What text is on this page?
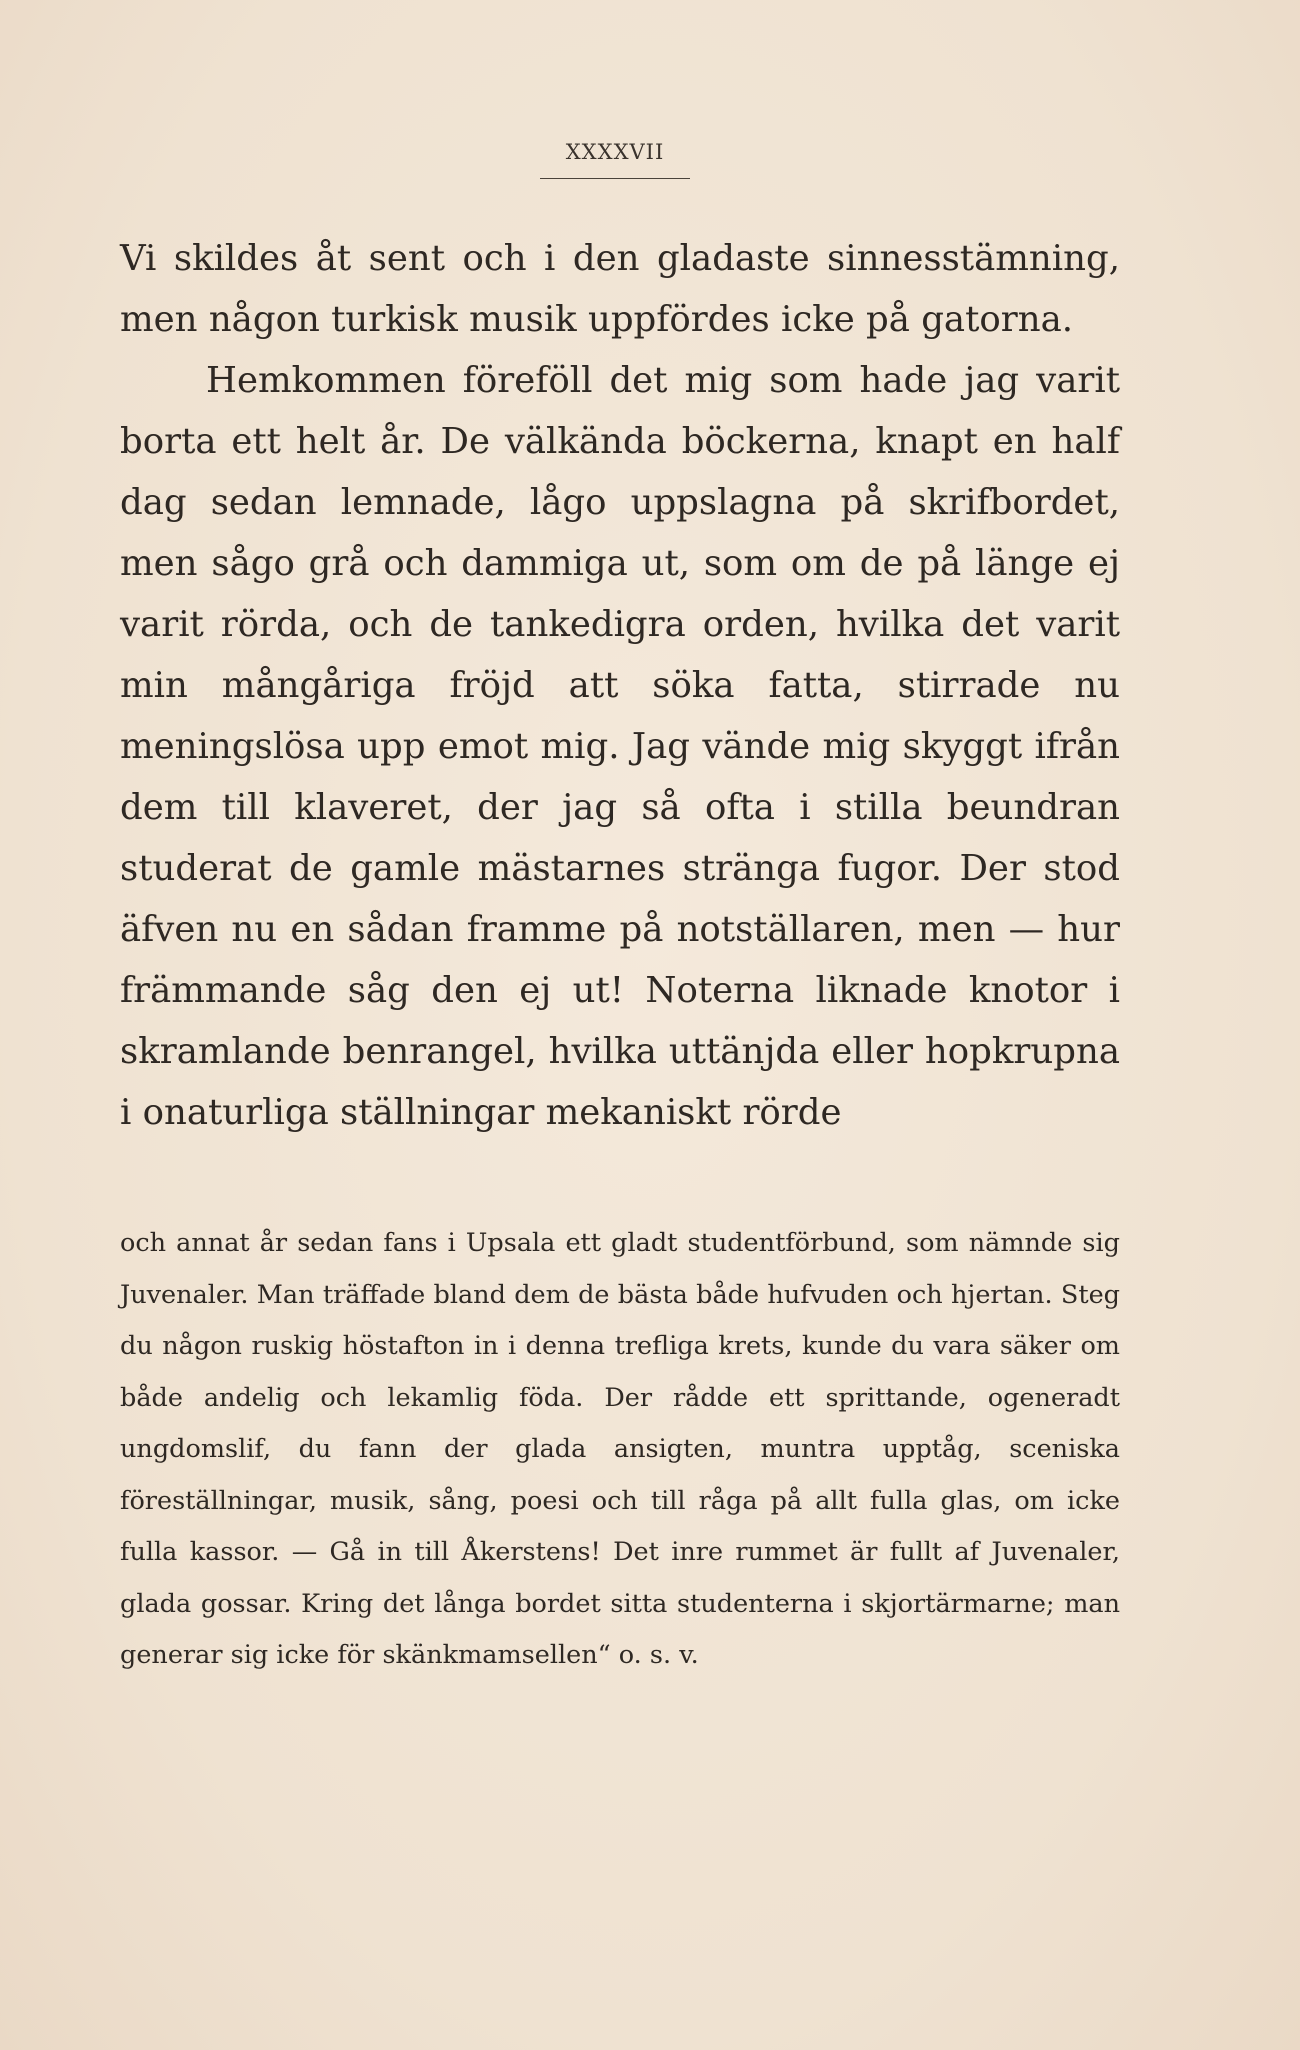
XXXXVII

Vi skildes åt sent och i den gladaste sinnesstämning, men någon turkisk musik uppfördes icke på gatorna.

Hemkommen föreföll det mig som hade jag varit borta ett helt år. De välkända böckerna, knapt en half dag sedan lemnade, lågo uppslagna på skrifbordet, men sågo grå och dammiga ut, som om de på länge ej varit rörda, och de tankedigra orden, hvilka det varit min mångåriga fröjd att söka fatta, stirrade nu meningslösa upp emot mig. Jag vände mig skyggt ifrån dem till klaveret, der jag så ofta i stilla beundran studerat de gamle mästarnes stränga fugor. Der stod äfven nu en sådan framme på notställaren, men — hur främmande såg den ej ut! Noterna liknade knotor i skramlande benrangel, hvilka uttänjda eller hopkrupna i onaturliga ställningar mekaniskt rörde

och annat år sedan fans i Upsala ett gladt studentförbund, som nämnde sig Juvenaler. Man träffade bland dem de bästa både hufvuden och hjertan. Steg du någon ruskig höstafton in i denna trefliga krets, kunde du vara säker om både andelig och lekamlig föda. Der rådde ett sprittande, ogeneradt ungdomslif, du fann der glada ansigten, muntra upptåg, sceniska föreställningar, musik, sång, poesi och till råga på allt fulla glas, om icke fulla kassor. — Gå in till Åkerstens! Det inre rummet är fullt af Juvenaler, glada gossar. Kring det långa bordet sitta studenterna i skjortärmarne; man generar sig icke för skänkmamsellen“ o. s. v.
